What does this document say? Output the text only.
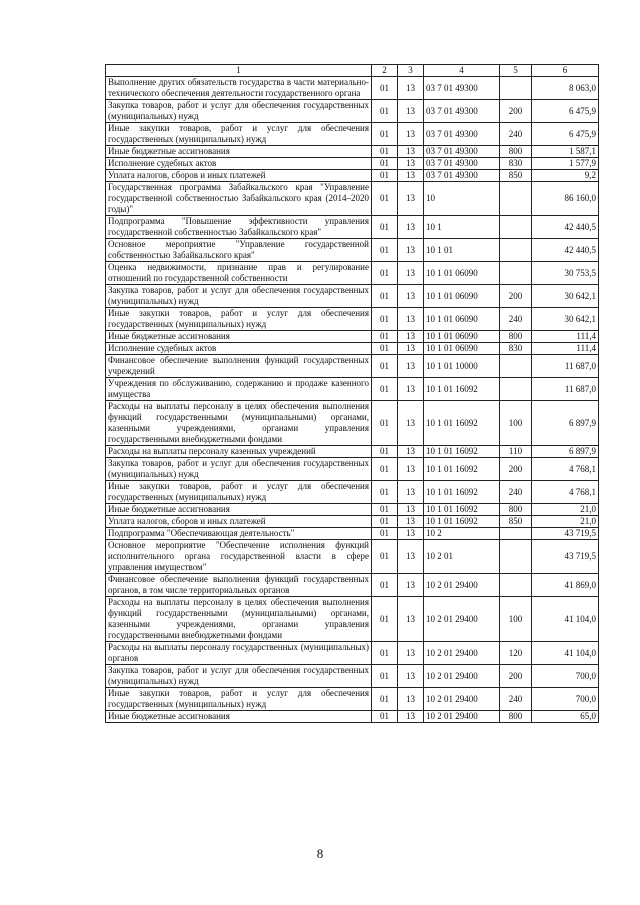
1	2	3	4	5	6
Выполнение других обязательств государства в части материально-технического обеспечения деятельности государственного органа	01	13	03 7 01 49300		8 063,0
Закупка товаров, работ и услуг для обеспечения государственных (муниципальных) нужд	01	13	03 7 01 49300	200	6 475,9
Иные закупки товаров, работ и услуг для обеспечения государственных (муниципальных) нужд	01	13	03 7 01 49300	240	6 475,9
Иные бюджетные ассигнования	01	13	03 7 01 49300	800	1 587,1
Исполнение судебных актов	01	13	03 7 01 49300	830	1 577,9
Уплата налогов, сборов и иных платежей	01	13	03 7 01 49300	850	9,2
Государственная программа Забайкальского края "Управление государственной собственностью Забайкальского края (2014–2020 годы)"	01	13	10		86 160,0
Подпрограмма "Повышение эффективности управления государственной собственностью Забайкальского края"	01	13	10 1		42 440,5
Основное мероприятие "Управление государственной собственностью Забайкальского края"	01	13	10 1 01		42 440,5
Оценка недвижимости, признание прав и регулирование отношений по государственной собственности	01	13	10 1 01 06090		30 753,5
Закупка товаров, работ и услуг для обеспечения государственных (муниципальных) нужд	01	13	10 1 01 06090	200	30 642,1
Иные закупки товаров, работ и услуг для обеспечения государственных (муниципальных) нужд	01	13	10 1 01 06090	240	30 642,1
Иные бюджетные ассигнования	01	13	10 1 01 06090	800	111,4
Исполнение судебных актов	01	13	10 1 01 06090	830	111,4
Финансовое обеспечение выполнения функций государственных учреждений	01	13	10 1 01 10000		11 687,0
Учреждения по обслуживанию, содержанию и продаже казенного имущества	01	13	10 1 01 16092		11 687,0
Расходы на выплаты персоналу в целях обеспечения выполнения функций государственными (муниципальными) органами, казенными учреждениями, органами управления государственными внебюджетными фондами	01	13	10 1 01 16092	100	6 897,9
Расходы на выплаты персоналу казенных учреждений	01	13	10 1 01 16092	110	6 897,9
Закупка товаров, работ и услуг для обеспечения государственных (муниципальных) нужд	01	13	10 1 01 16092	200	4 768,1
Иные закупки товаров, работ и услуг для обеспечения государственных (муниципальных) нужд	01	13	10 1 01 16092	240	4 768,1
Иные бюджетные ассигнования	01	13	10 1 01 16092	800	21,0
Уплата налогов, сборов и иных платежей	01	13	10 1 01 16092	850	21,0
Подпрограмма "Обеспечивающая деятельность"	01	13	10 2		43 719,5
Основное мероприятие "Обеспечение исполнения функций исполнительного органа государственной власти в сфере управления имуществом"	01	13	10 2 01		43 719,5
Финансовое обеспечение выполнения функций государственных органов, в том числе территориальных органов	01	13	10 2 01 29400		41 869,0
Расходы на выплаты персоналу в целях обеспечения выполнения функций государственными (муниципальными) органами, казенными учреждениями, органами управления государственными внебюджетными фондами	01	13	10 2 01 29400	100	41 104,0
Расходы на выплаты персоналу государственных (муниципальных) органов	01	13	10 2 01 29400	120	41 104,0
Закупка товаров, работ и услуг для обеспечения государственных (муниципальных) нужд	01	13	10 2 01 29400	200	700,0
Иные закупки товаров, работ и услуг для обеспечения государственных (муниципальных) нужд	01	13	10 2 01 29400	240	700,0
Иные бюджетные ассигнования	01	13	10 2 01 29400	800	65,0
8
